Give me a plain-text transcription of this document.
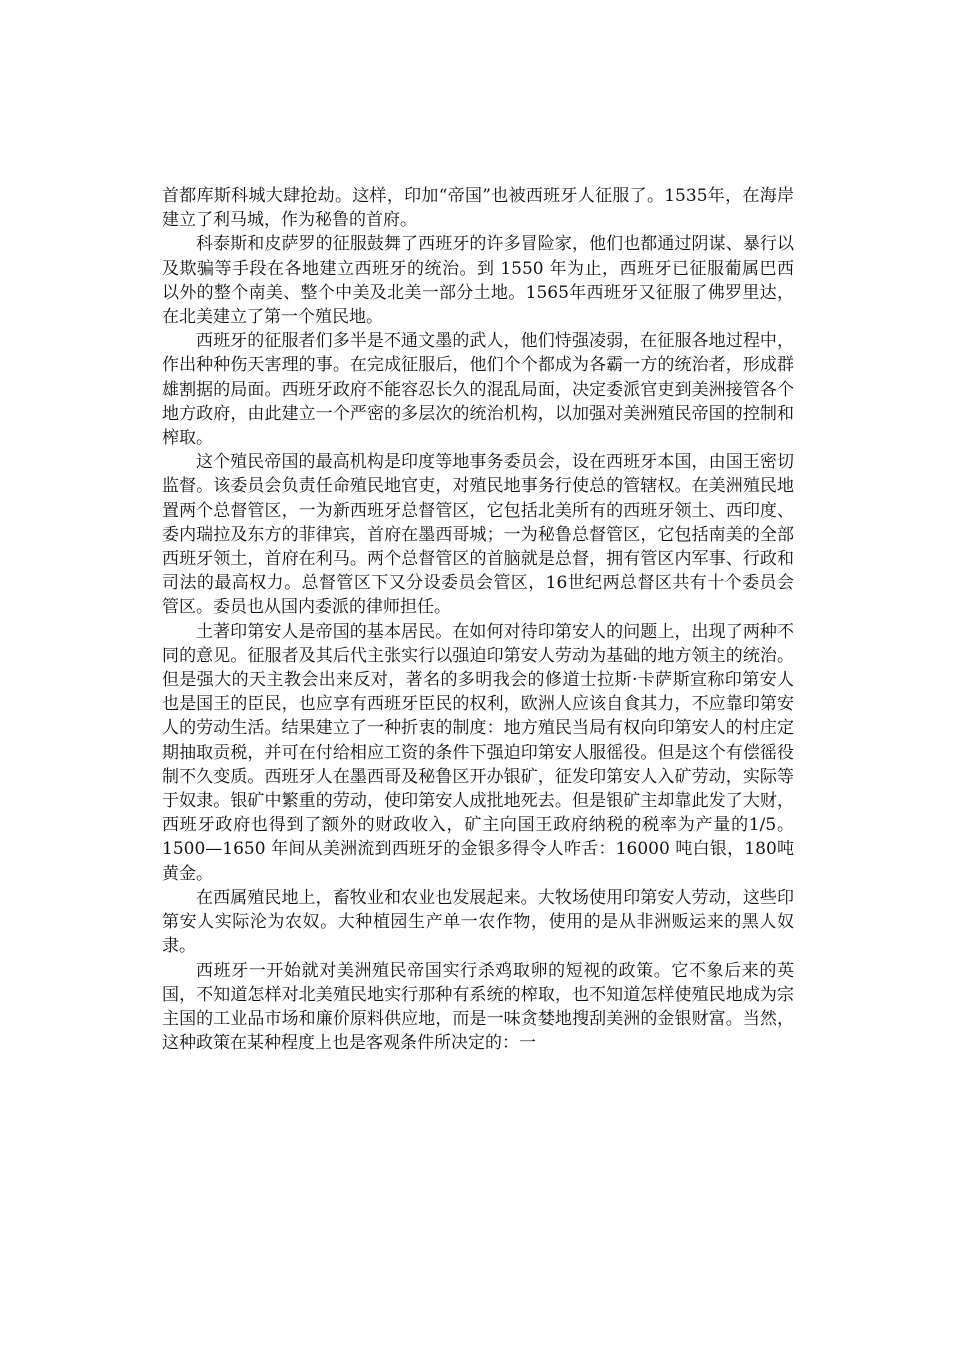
首都库斯科城大肆抢劫。这样，印加“帝国”也被西班牙人征服了。1535年，在海岸建立了利马城，作为秘鲁的首府。

科泰斯和皮萨罗的征服鼓舞了西班牙的许多冒险家，他们也都通过阴谋、暴行以及欺骗等手段在各地建立西班牙的统治。到 1550 年为止，西班牙已征服葡属巴西以外的整个南美、整个中美及北美一部分土地。1565年西班牙又征服了佛罗里达，在北美建立了第一个殖民地。

西班牙的征服者们多半是不通文墨的武人，他们恃强凌弱，在征服各地过程中，作出种种伤天害理的事。在完成征服后，他们个个都成为各霸一方的统治者，形成群雄割据的局面。西班牙政府不能容忍长久的混乱局面，决定委派官吏到美洲接管各个地方政府，由此建立一个严密的多层次的统治机构，以加强对美洲殖民帝国的控制和榨取。

这个殖民帝国的最高机构是印度等地事务委员会，设在西班牙本国，由国王密切监督。该委员会负责任命殖民地官吏，对殖民地事务行使总的管辖权。在美洲殖民地置两个总督管区，一为新西班牙总督管区，它包括北美所有的西班牙领土、西印度、委内瑞拉及东方的菲律宾，首府在墨西哥城；一为秘鲁总督管区，它包括南美的全部西班牙领土，首府在利马。两个总督管区的首脑就是总督，拥有管区内军事、行政和司法的最高权力。总督管区下又分设委员会管区，16世纪两总督区共有十个委员会管区。委员也从国内委派的律师担任。

土著印第安人是帝国的基本居民。在如何对待印第安人的问题上，出现了两种不同的意见。征服者及其后代主张实行以强迫印第安人劳动为基础的地方领主的统治。但是强大的天主教会出来反对，著名的多明我会的修道士拉斯·卡萨斯宣称印第安人也是国王的臣民，也应享有西班牙臣民的权利，欧洲人应该自食其力，不应靠印第安人的劳动生活。结果建立了一种折衷的制度：地方殖民当局有权向印第安人的村庄定期抽取贡税，并可在付给相应工资的条件下强迫印第安人服徭役。但是这个有偿徭役制不久变质。西班牙人在墨西哥及秘鲁区开办银矿，征发印第安人入矿劳动，实际等于奴隶。银矿中繁重的劳动，使印第安人成批地死去。但是银矿主却靠此发了大财，西班牙政府也得到了额外的财政收入，矿主向国王政府纳税的税率为产量的1/5。1500—1650 年间从美洲流到西班牙的金银多得令人咋舌：16000 吨白银，180吨黄金。

在西属殖民地上，畜牧业和农业也发展起来。大牧场使用印第安人劳动，这些印第安人实际沦为农奴。大种植园生产单一农作物，使用的是从非洲贩运来的黑人奴隶。

西班牙一开始就对美洲殖民帝国实行杀鸡取卵的短视的政策。它不象后来的英国，不知道怎样对北美殖民地实行那种有系统的榨取，也不知道怎样使殖民地成为宗主国的工业品市场和廉价原料供应地，而是一味贪婪地搜刮美洲的金银财富。当然，这种政策在某种程度上也是客观条件所决定的：一
